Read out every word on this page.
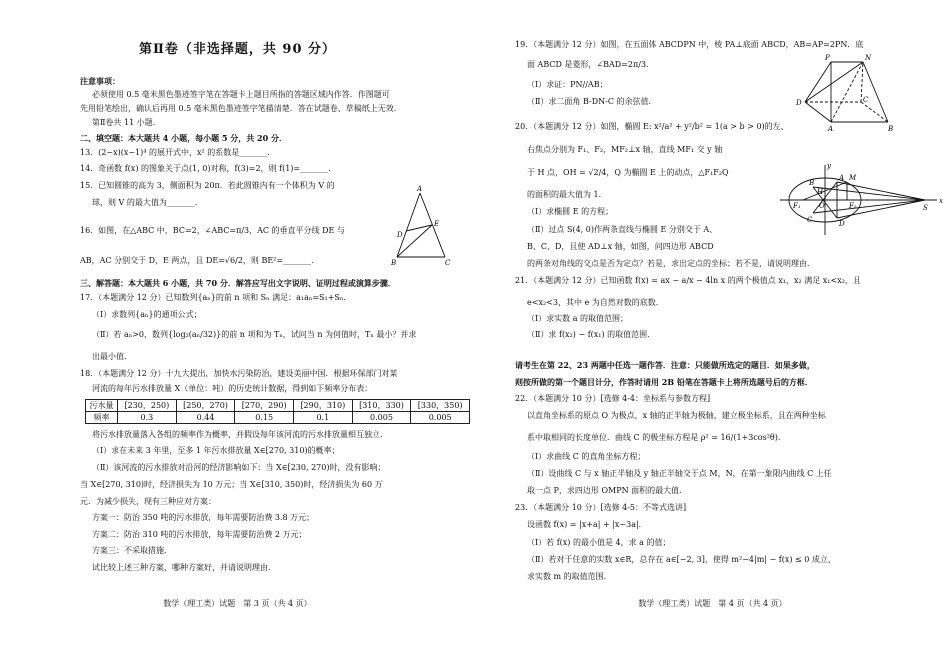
第Ⅱ卷（非选择题，共 90 分）
注意事项：
必须使用 0.5 毫米黑色墨迹签字笔在答题卡上题目所指的答题区域内作答．作图题可
先用铅笔绘出，确认后再用 0.5 毫米黑色墨迹签字笔描清楚．答在试题卷、草稿纸上无效．
第Ⅱ卷共 11 小题．
二、填空题：本大题共 4 小题，每小题 5 分，共 20 分．
13．(2−x)(x−1)⁴ 的展开式中，x² 的系数是_______．
14．奇函数 f(x) 的图象关于点(1, 0)对称，f(3)=2，则 f(1)=_______．
15．已知圆锥的高为 3，侧面积为 20π．若此圆锥内有一个体积为 V 的
球，则 V 的最大值为_______．
16．如图，在△ABC 中，BC=2，∠ABC=π/3，AC 的垂直平分线 DE 与
AB，AC 分别交于 D，E 两点，且 DE=√6/2，则 BE²=_______．
A
D
E
B	C
三、解答题：本大题共 6 小题，共 70 分．解答应写出文字说明、证明过程或演算步骤．
17．（本题满分 12 分）已知数列{aₙ}的前 n 项和 Sₙ 满足：a₁aₙ=S₁+Sₙ．
（Ⅰ）求数列{aₙ}的通项公式；
（Ⅱ）若 aₙ>0，数列{log₂(aₙ/32)}的前 n 项和为 Tₙ，试问当 n 为何值时，Tₙ 最小？并求
出最小值．
18．（本题满分 12 分）十九大提出，加快水污染防治，建设美丽中国．根据环保部门对某
河流的每年污水排放量 X（单位：吨）的历史统计数据，得到如下频率分布表：
污水量	[230，250)	[250，270)	[270，290)	[290，310)	[310，330)	[330，350)
频率	0.3	0.44	0.15	0.1	0.005	0.005
将污水排放量落入各组的频率作为概率，并假设每年该河流的污水排放量相互独立．
（Ⅰ）求在未来 3 年里，至多 1 年污水排放量 X∈[270, 310)的概率；
（Ⅱ）该河流的污水排放对沿河的经济影响如下：当 X∈[230, 270)时，没有影响；
当 X∈[270, 310)时，经济损失为 10 万元；当 X∈[310, 350)时，经济损失为 60 万
元．为减少损失，现有三种应对方案：
方案一：防治 350 吨的污水排放，每年需要防治费 3.8 万元；
方案二：防治 310 吨的污水排放，每年需要防治费 2 万元；
方案三：不采取措施．
试比较上述三种方案，哪种方案好，并请说明理由．
数学（理工类）试题　第 3 页（共 4 页）
19．（本题满分 12 分）如图，在五面体 ABCDPN 中，棱 PA⊥底面 ABCD，AB=AP=2PN．底
面 ABCD 是菱形，∠BAD=2π/3．
（Ⅰ）求证：PN//AB；
（Ⅱ）求二面角 B-DN-C 的余弦值．
P	N
D	C
A	B
20．（本题满分 12 分）如图，椭圆 E: x²/a² + y²/b² = 1(a > b > 0)的左、
右焦点分别为 F₁、F₂，MF₂⊥x 轴，直线 MF₁ 交 y 轴
于 H 点，OH = √2/4，Q 为椭圆 E 上的动点，△F₁F₂Q
的面积的最大值为 1．
（Ⅰ）求椭圆 E 的方程；
（Ⅱ）过点 S(4, 0)作两条直线与椭圆 E 分别交于 A、
B、C、D，且使 AD⊥x 轴，如图，问四边形 ABCD
的两条对角线的交点是否为定点？若是，求出定点的坐标；若不是，请说明理由．
y
M
H
B
F₁	O	F₂	S
x
A
C	D
21．（本题满分 12 分）已知函数 f(x) = ax − a/x − 4ln x 的两个极值点 x₁，x₂ 满足 x₁<x₂，且
e<x₂<3，其中 e 为自然对数的底数．
（Ⅰ）求实数 a 的取值范围；
（Ⅱ）求 f(x₂) − f(x₁) 的取值范围．
请考生在第 22、23 两题中任选一题作答．注意：只能做所选定的题目．如果多做，
则按所做的第一个题目计分，作答时请用 2B 铅笔在答题卡上将所选题号后的方框．
22．（本题满分 10 分）[选修 4-4：坐标系与参数方程]
以直角坐标系的原点 O 为极点，x 轴的正半轴为极轴，建立极坐标系，且在两种坐标
系中取相同的长度单位．曲线 C 的极坐标方程是 ρ² = 16/(1+3cos²θ)．
（Ⅰ）求曲线 C 的直角坐标方程；
（Ⅱ）设曲线 C 与 x 轴正半轴及 y 轴正半轴交于点 M，N，在第一象限内曲线 C 上任
取一点 P，求四边形 OMPN 面积的最大值．
23．（本题满分 10 分）[选修 4-5：不等式选讲]
设函数 f(x) = |x+a| + |x−3a|．
（Ⅰ）若 f(x) 的最小值是 4，求 a 的值；
（Ⅱ）若对于任意的实数 x∈R，总存在 a∈[−2, 3]，使得 m²−4|m| − f(x) ≤ 0 成立，
求实数 m 的取值范围．
数学（理工类）试题　第 4 页（共 4 页）
